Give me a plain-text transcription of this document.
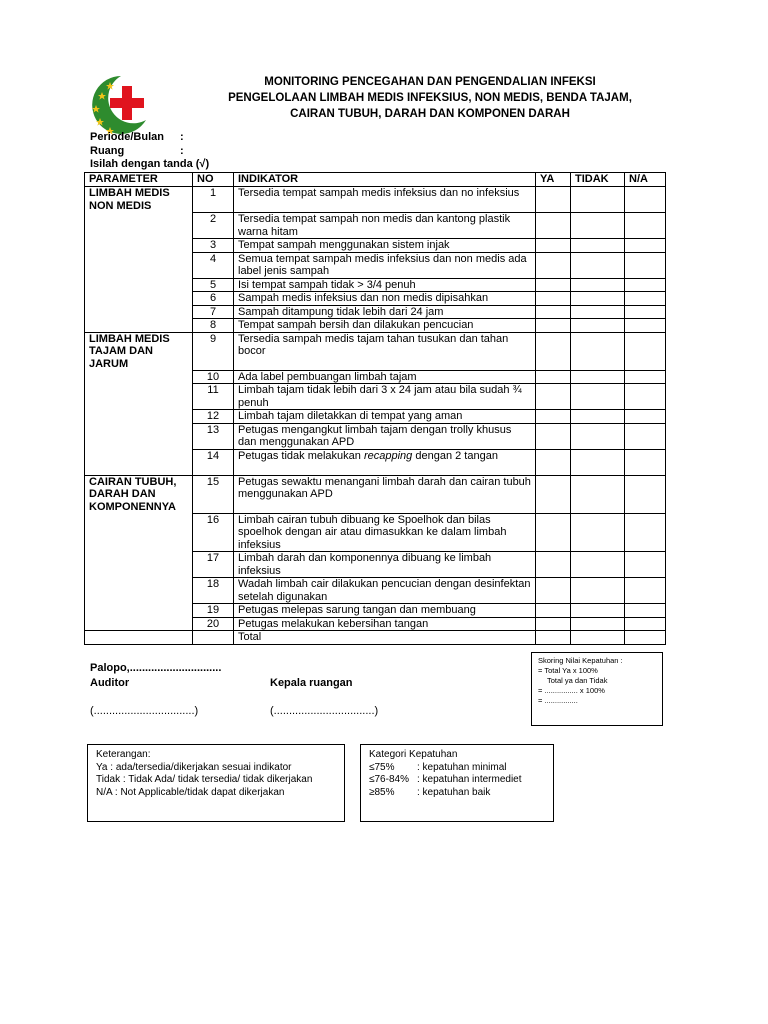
MONITORING PENCEGAHAN DAN PENGENDALIAN INFEKSI
PENGELOLAAN LIMBAH MEDIS INFEKSIUS, NON MEDIS, BENDA TAJAM,
CAIRAN TUBUH, DARAH DAN KOMPONEN DARAH
Periode/Bulan	:
Ruang	:
Isilah dengan tanda (√)
PARAMETER	NO	INDIKATOR	YA	TIDAK	N/A

LIMBAH MEDIS
NON MEDIS	1	Tersedia tempat sampah medis infeksius dan no infeksius			
	2	Tersedia tempat sampah non medis dan kantong plastik warna hitam			
	3	Tempat sampah menggunakan sistem injak			
	4	Semua tempat sampah medis infeksius dan non medis ada label jenis sampah			
	5	Isi tempat sampah tidak > 3/4 penuh			
	6	Sampah medis infeksius dan non medis dipisahkan			
	7	Sampah ditampung tidak lebih dari 24 jam			
	8	Tempat sampah bersih dan dilakukan pencucian			

LIMBAH MEDIS
TAJAM DAN
JARUM	9	Tersedia sampah medis tajam tahan tusukan dan tahan bocor			
	10	Ada label pembuangan limbah tajam			
	11	Limbah tajam tidak lebih dari 3 x 24 jam atau bila sudah ¾ penuh			
	12	Limbah tajam diletakkan di tempat yang aman			
	13	Petugas mengangkut limbah tajam dengan trolly khusus dan menggunakan APD			
	14	Petugas tidak melakukan recapping dengan 2 tangan			

CAIRAN TUBUH,
DARAH DAN
KOMPONENNYA	15	Petugas sewaktu menangani limbah darah dan cairan tubuh menggunakan APD			
	16	Limbah cairan tubuh dibuang ke Spoelhok dan bilas spoelhok dengan air atau dimasukkan ke dalam limbah infeksius			
	17	Limbah darah dan komponennya dibuang ke limbah infeksius			
	18	Wadah limbah cair dilakukan pencucian dengan desinfektan setelah digunakan			
	19	Petugas melepas sarung tangan dan membuang			
	20	Petugas melakukan kebersihan tangan			
		Total			
Palopo,..............................
Auditor	Kepala ruangan
(.................................)	(.................................)
Skoring Nilai Kepatuhan :
= Total Ya x 100%
Total ya dan Tidak
= ................ x 100%
= ................
Keterangan:
Ya : ada/tersedia/dikerjakan sesuai indikator
Tidak : Tidak Ada/ tidak tersedia/ tidak dikerjakan
N/A : Not Applicable/tidak dapat dikerjakan
Kategori Kepatuhan
≤75%	: kepatuhan minimal
≤76-84% : kepatuhan intermediet
≥85%	: kepatuhan baik
